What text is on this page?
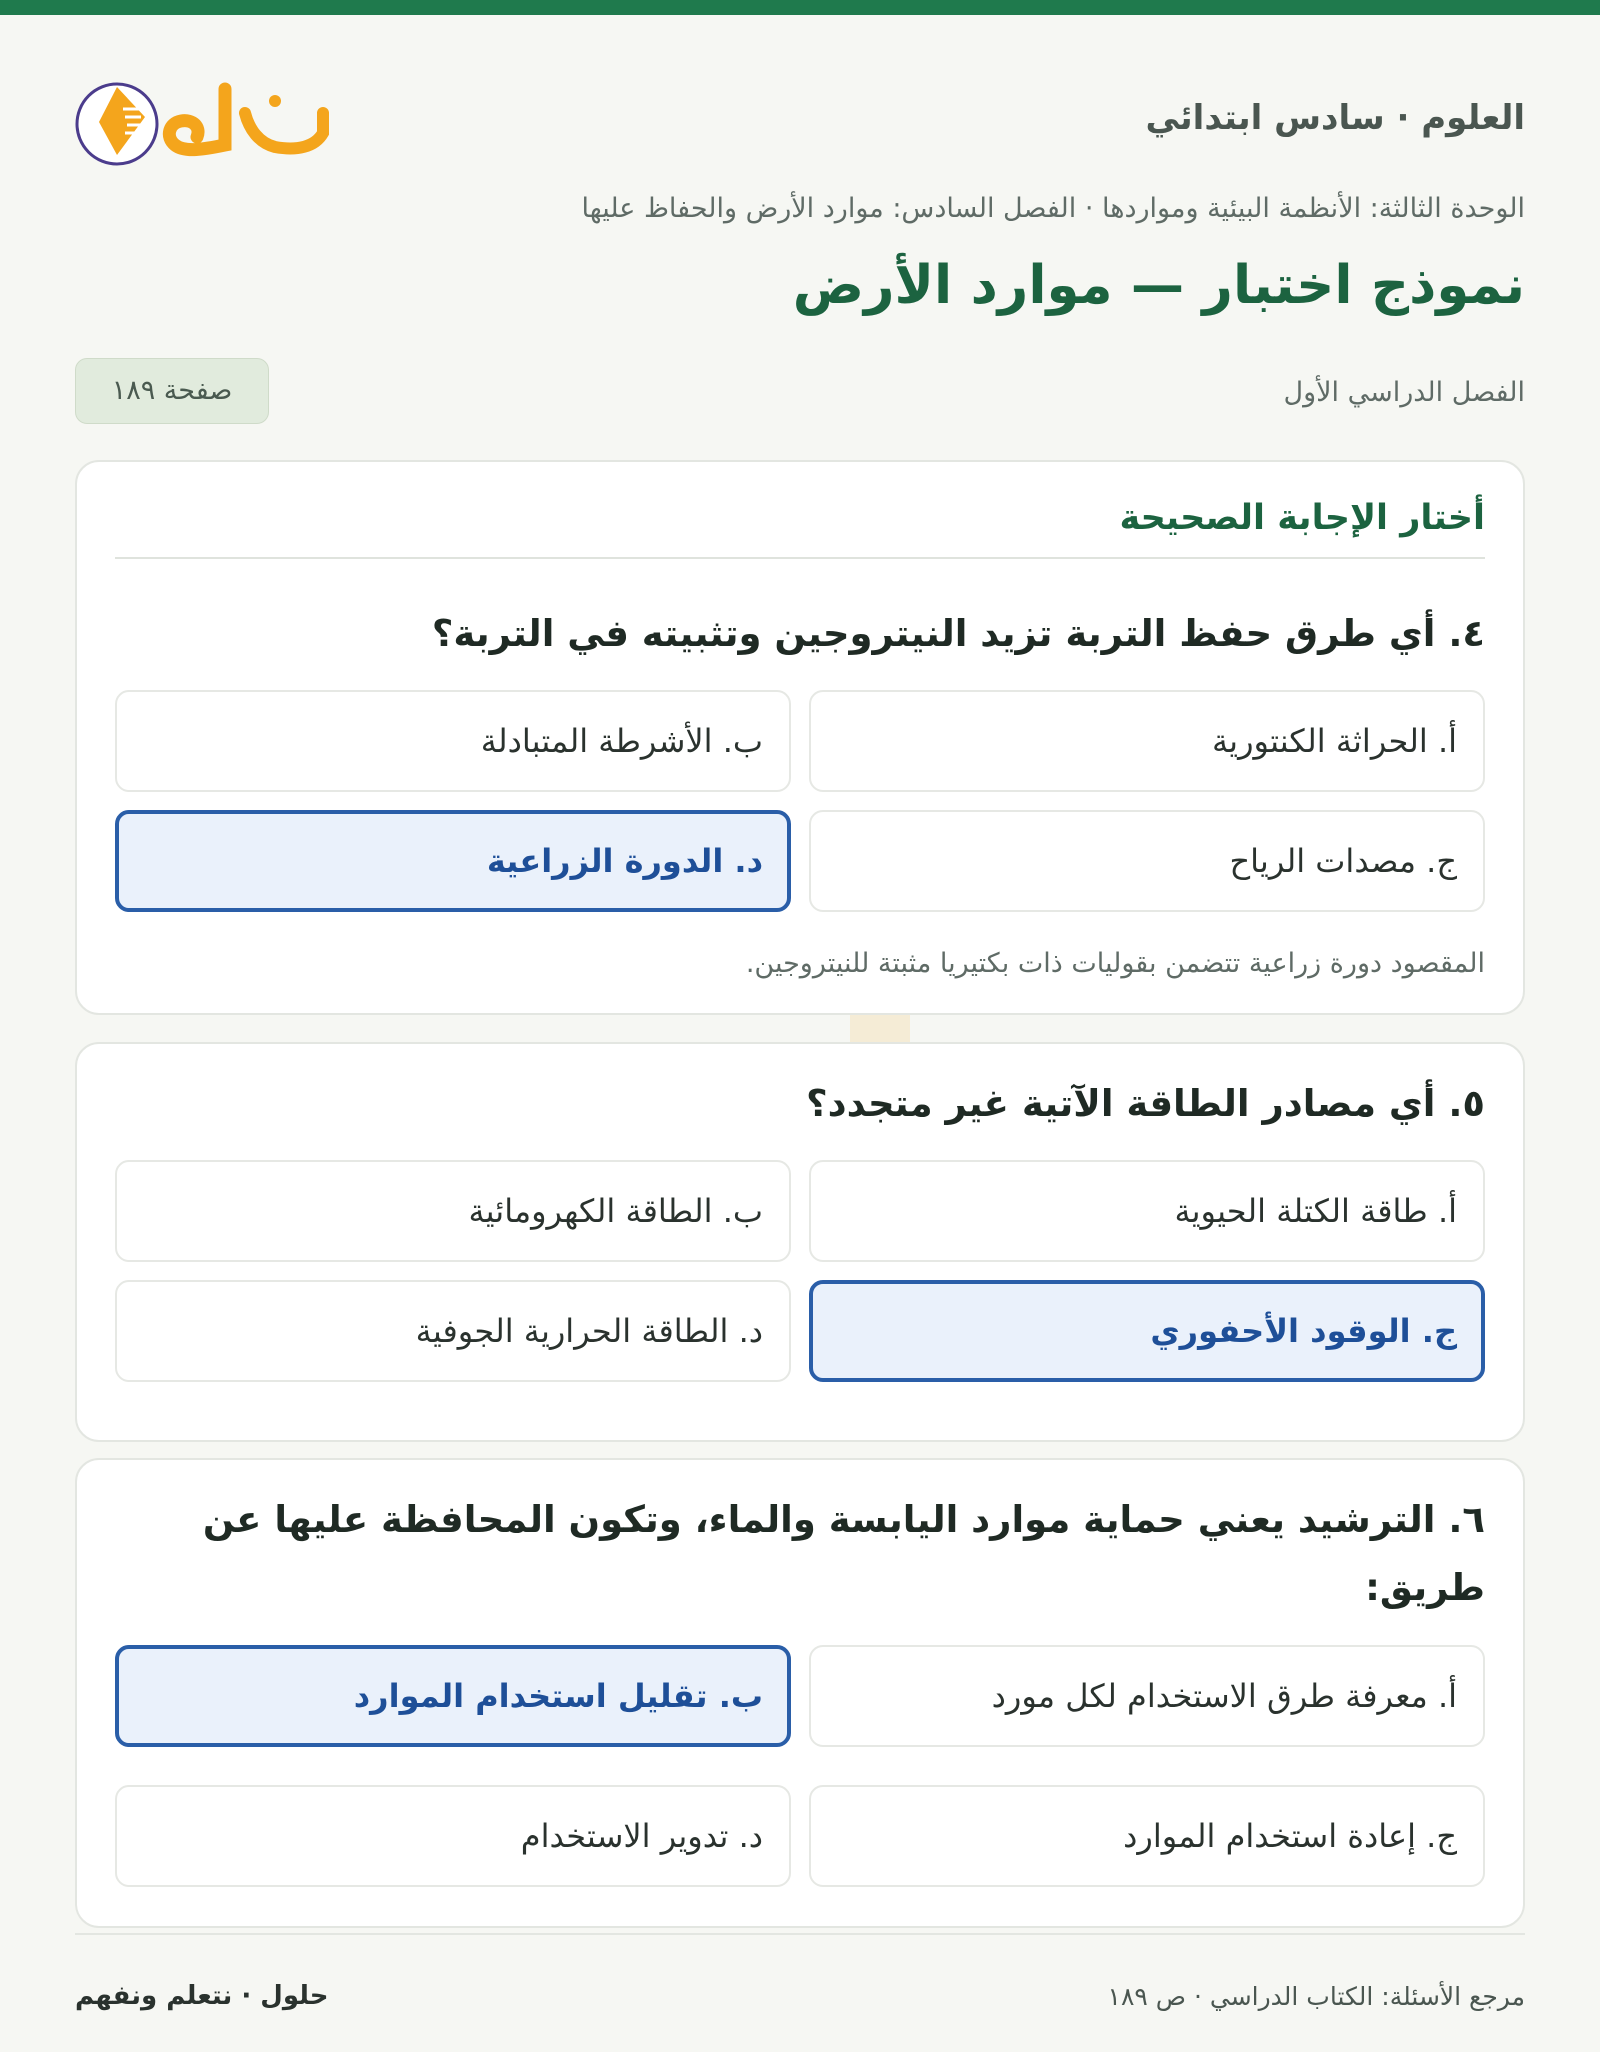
العلوم · سادس ابتدائي
الوحدة الثالثة: الأنظمة البيئية ومواردها · الفصل السادس: موارد الأرض والحفاظ عليها
نموذج اختبار — موارد الأرض
الفصل الدراسي الأول
صفحة ١٨٩
أختار الإجابة الصحيحة
٤. أي طرق حفظ التربة تزيد النيتروجين وتثبيته في التربة؟
أ. الحراثة الكنتورية
ب. الأشرطة المتبادلة
ج. مصدات الرياح
د. الدورة الزراعية
المقصود دورة زراعية تتضمن بقوليات ذات بكتيريا مثبتة للنيتروجين.
٥. أي مصادر الطاقة الآتية غير متجدد؟
أ. طاقة الكتلة الحيوية
ب. الطاقة الكهرومائية
ج. الوقود الأحفوري
د. الطاقة الحرارية الجوفية
٦. الترشيد يعني حماية موارد اليابسة والماء، وتكون المحافظة عليها عن طريق:
أ. معرفة طرق الاستخدام لكل مورد
ب. تقليل استخدام الموارد
ج. إعادة استخدام الموارد
د. تدوير الاستخدام
مرجع الأسئلة: الكتاب الدراسي · ص ١٨٩
حلول · نتعلم ونفهم
